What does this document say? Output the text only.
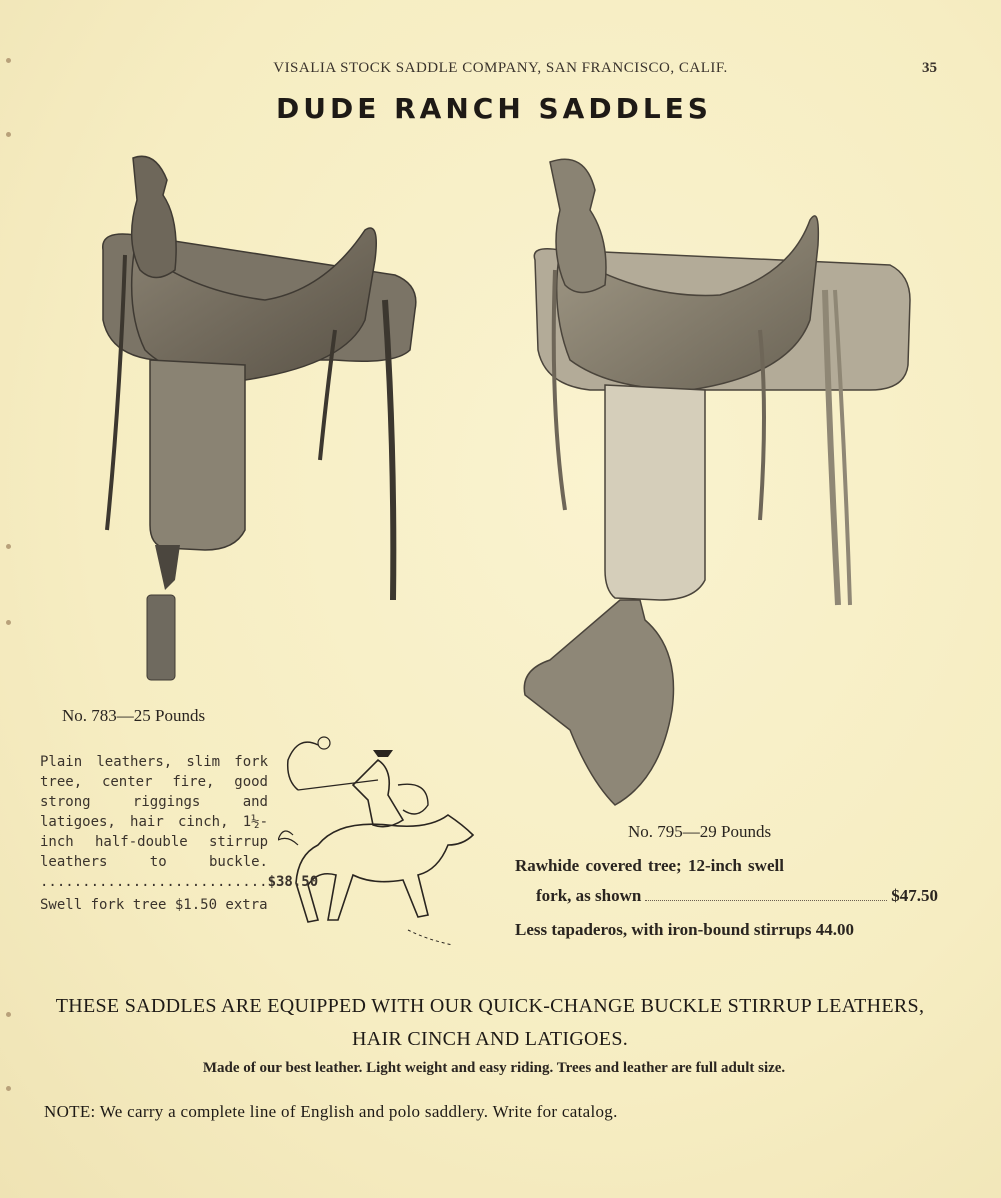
VISALIA STOCK SADDLE COMPANY, SAN FRANCISCO, CALIF.	35
DUDE RANCH SADDLES
No. 783—25 Pounds
Plain leathers, slim fork tree, center fire, good strong riggings and latigoes, hair cinch, 1½-inch half-double stirrup leathers to buckle. ...........................$38.50
Swell fork tree $1.50 extra
No. 795—29 Pounds
Rawhide covered tree; 12-inch swell
fork, as shown	$47.50
Less tapaderos, with iron-bound stirrups 44.00
THESE SADDLES ARE EQUIPPED WITH OUR QUICK-CHANGE BUCKLE STIRRUP LEATHERS, HAIR CINCH AND LATIGOES.
Made of our best leather. Light weight and easy riding. Trees and leather are full adult size.
NOTE: We carry a complete line of English and polo saddlery. Write for catalog.
